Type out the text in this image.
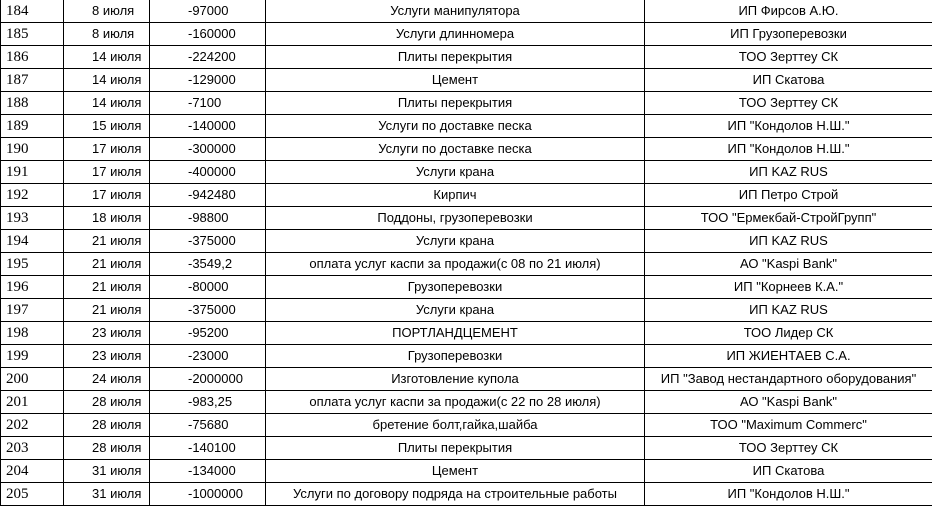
184	8 июля	-97000	Услуги манипулятора	ИП Фирсов А.Ю.
185	8 июля	-160000	Услуги длинномера	ИП Грузоперевозки
186	14 июля	-224200	Плиты перекрытия	ТОО Зерттеу СК
187	14 июля	-129000	Цемент	ИП Скатова
188	14 июля	-7100	Плиты перекрытия	ТОО Зерттеу СК
189	15 июля	-140000	Услуги по доставке песка	ИП "Кондолов Н.Ш."
190	17 июля	-300000	Услуги по доставке песка	ИП "Кондолов Н.Ш."
191	17 июля	-400000	Услуги крана	ИП KAZ RUS
192	17 июля	-942480	Кирпич	ИП Петро Строй
193	18 июля	-98800	Поддоны, грузоперевозки	ТОО "Ермекбай-СтройГрупп"
194	21 июля	-375000	Услуги крана	ИП KAZ RUS
195	21 июля	-3549,2	оплата услуг каспи за продажи(с 08 по 21 июля)	АО "Kaspi Bank"
196	21 июля	-80000	Грузоперевозки	ИП "Корнеев К.А."
197	21 июля	-375000	Услуги крана	ИП KAZ RUS
198	23 июля	-95200	ПОРТЛАНДЦЕМЕНТ	ТОО Лидер СК
199	23 июля	-23000	Грузоперевозки	ИП ЖИЕНТАЕВ С.А.
200	24 июля	-2000000	Изготовление купола	ИП "Завод нестандартного оборудования"
201	28 июля	-983,25	оплата услуг каспи за продажи(с 22 по 28 июля)	АО "Kaspi Bank"
202	28 июля	-75680	бретение болт,гайка,шайба	ТОО "Maximum Commerc"
203	28 июля	-140100	Плиты перекрытия	ТОО Зерттеу СК
204	31 июля	-134000	Цемент	ИП Скатова
205	31 июля	-1000000	Услуги по договору подряда на строительные работы	ИП "Кондолов Н.Ш."
